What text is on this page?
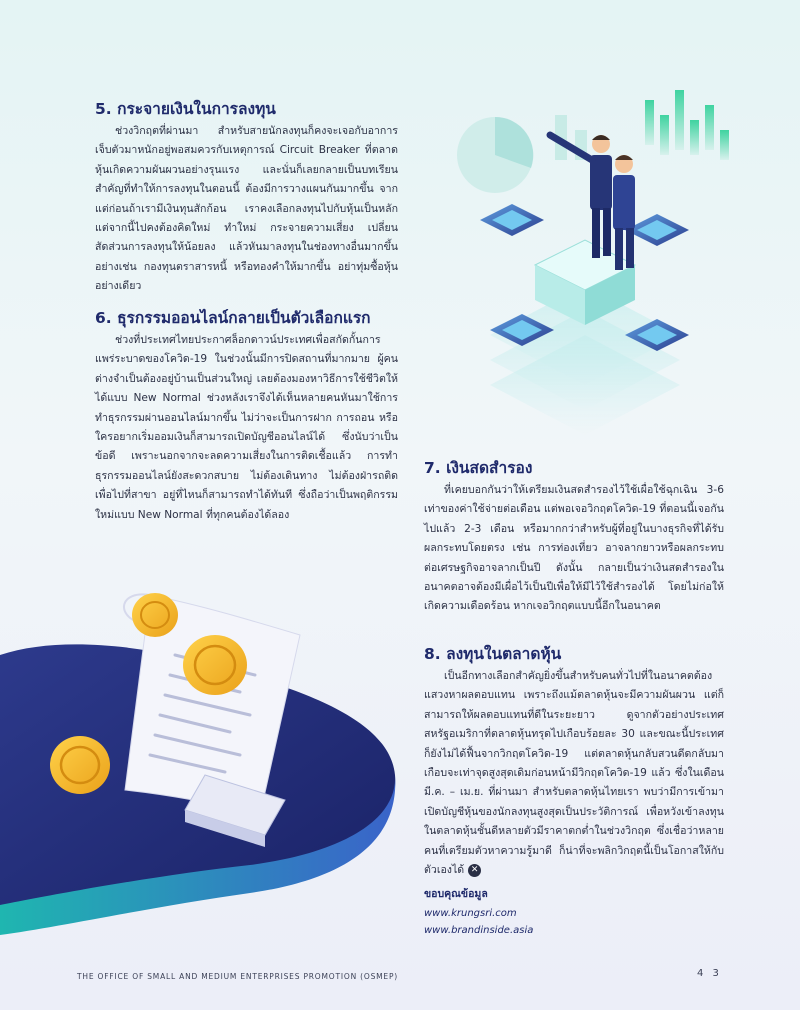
5. กระจายเงินในการลงทุน

ช่วงวิกฤตที่ผ่านมา สำหรับสายนักลงทุนก็คงจะเจอกับอาการเจ็บตัวมาหนักอยู่พอสมควรกับเหตุการณ์ Circuit Breaker ที่ตลาดหุ้นเกิดความผันผวนอย่างรุนแรง และนั่นก็เลยกลายเป็นบทเรียนสำคัญที่ทำให้การลงทุนในตอนนี้ ต้องมีการวางแผนกันมากขึ้น จากแต่ก่อนถ้าเรามีเงินทุนสักก้อน เราคงเลือกลงทุนไปกับหุ้นเป็นหลัก แต่จากนี้ไปคงต้องคิดใหม่ ทำใหม่ กระจายความเสี่ยง เปลี่ยนสัดส่วนการลงทุนให้น้อยลง แล้วหันมาลงทุนในช่องทางอื่นมากขึ้น อย่างเช่น กองทุนตราสารหนี้ หรือทองคำให้มากขึ้น อย่าทุ่มซื้อหุ้นอย่างเดียว

6. ธุรกรรมออนไลน์กลายเป็นตัวเลือกแรก

ช่วงที่ประเทศไทยประกาศล็อกดาวน์ประเทศเพื่อสกัดกั้นการแพร่ระบาดของโควิด-19 ในช่วงนั้นมีการปิดสถานที่มากมาย ผู้คนต่างจำเป็นต้องอยู่บ้านเป็นส่วนใหญ่ เลยต้องมองหาวิธีการใช้ชีวิตให้ได้แบบ New Normal ช่วงหลังเราจึงได้เห็นหลายคนหันมาใช้การทำธุรกรรมผ่านออนไลน์มากขึ้น ไม่ว่าจะเป็นการฝาก การถอน หรือใครอยากเริ่มออมเงินก็สามารถเปิดบัญชีออนไลน์ได้ ซึ่งนับว่าเป็นข้อดี เพราะนอกจากจะลดความเสี่ยงในการติดเชื้อแล้ว การทำธุรกรรมออนไลน์ยังสะดวกสบาย ไม่ต้องเดินทาง ไม่ต้องฝ่ารถติดเพื่อไปที่สาขา อยู่ที่ไหนก็สามารถทำได้ทันที ซึ่งถือว่าเป็นพฤติกรรมใหม่แบบ New Normal ที่ทุกคนต้องได้ลอง

7. เงินสดสำรอง

ที่เคยบอกกันว่าให้เตรียมเงินสดสำรองไว้ใช้เผื่อใช้ฉุกเฉิน 3-6 เท่าของค่าใช้จ่ายต่อเดือน แต่พอเจอวิกฤตโควิด-19 ที่ตอนนี้เจอกันไปแล้ว 2-3 เดือน หรือมากกว่าสำหรับผู้ที่อยู่ในบางธุรกิจที่ได้รับผลกระทบโดยตรง เช่น การท่องเที่ยว อาจลากยาวหรือผลกระทบต่อเศรษฐกิจอาจลากเป็นปี ดังนั้น กลายเป็นว่าเงินสดสำรองในอนาคตอาจต้องมีเผื่อไว้เป็นปีเพื่อให้มีไว้ใช้สำรองได้ โดยไม่ก่อให้เกิดความเดือดร้อน หากเจอวิกฤตแบบนี้อีกในอนาคต

8. ลงทุนในตลาดหุ้น

เป็นอีกทางเลือกสำคัญยิ่งขึ้นสำหรับคนทั่วไปที่ในอนาคตต้องแสวงหาผลตอบแทน เพราะถึงแม้ตลาดหุ้นจะมีความผันผวน แต่ก็สามารถให้ผลตอบแทนที่ดีในระยะยาว ดูจากตัวอย่างประเทศสหรัฐอเมริกาที่ตลาดหุ้นทรุดไปเกือบร้อยละ 30 และขณะนี้ประเทศก็ยังไม่ได้ฟื้นจากวิกฤตโควิด-19 แต่ตลาดหุ้นกลับสวนดีดกลับมาเกือบจะเท่าจุดสูงสุดเดิมก่อนหน้ามีวิกฤตโควิด-19 แล้ว ซึ่งในเดือนมี.ค. – เม.ย. ที่ผ่านมา สำหรับตลาดหุ้นไทยเรา พบว่ามีการเข้ามาเปิดบัญชีหุ้นของนักลงทุนสูงสุดเป็นประวัติการณ์ เพื่อหวังเข้าลงทุนในตลาดหุ้นชั้นดีหลายตัวมีราคาตกต่ำในช่วงวิกฤต ซึ่งเชื่อว่าหลายคนที่เตรียมตัวหาความรู้มาดี ก็น่าที่จะพลิกวิกฤตนี้เป็นโอกาสให้กับตัวเองได้ ✕

ขอบคุณข้อมูล
www.krungsri.com
www.brandinside.asia
THE OFFICE OF SMALL AND MEDIUM ENTERPRISES PROMOTION (OSMEP)	4 3
